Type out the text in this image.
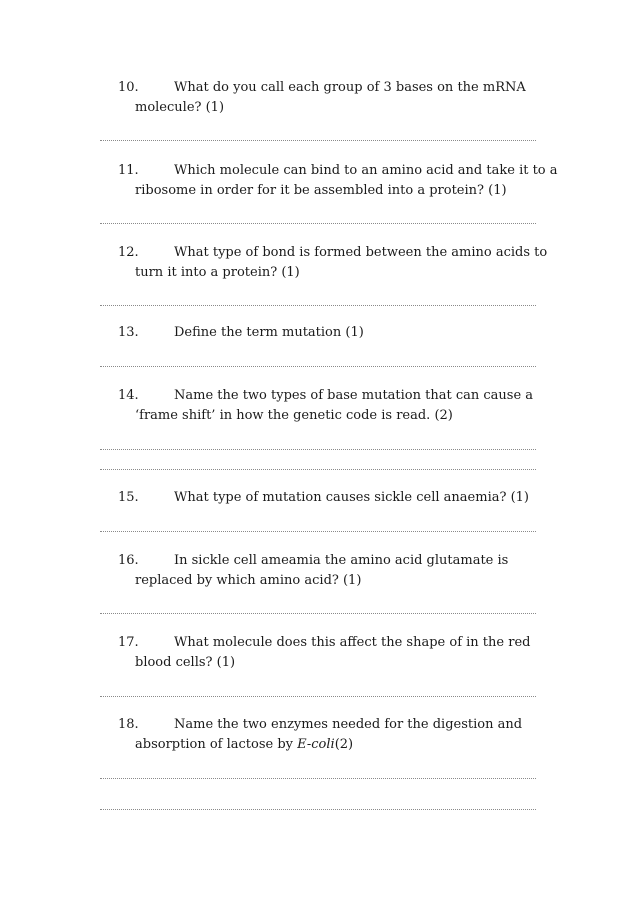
10.	What do you call each group of 3 bases on the mRNA
molecule? (1)
11.	Which molecule can bind to an amino acid and take it to a
ribosome in order for it be assembled into a protein? (1)
12.	What type of bond is formed between the amino acids to
turn it into a protein? (1)
13.	Define the term mutation (1)
14.	Name the two types of base mutation that can cause a
‘frame shift’ in how the genetic code is read. (2)
15.	What type of mutation causes sickle cell anaemia? (1)
16.	In sickle cell ameamia the amino acid glutamate is
replaced by which amino acid? (1)
17.	What molecule does this affect the shape of in the red
blood cells? (1)
18.	Name the two enzymes needed for the digestion and
absorption of lactose by E-coli(2)
